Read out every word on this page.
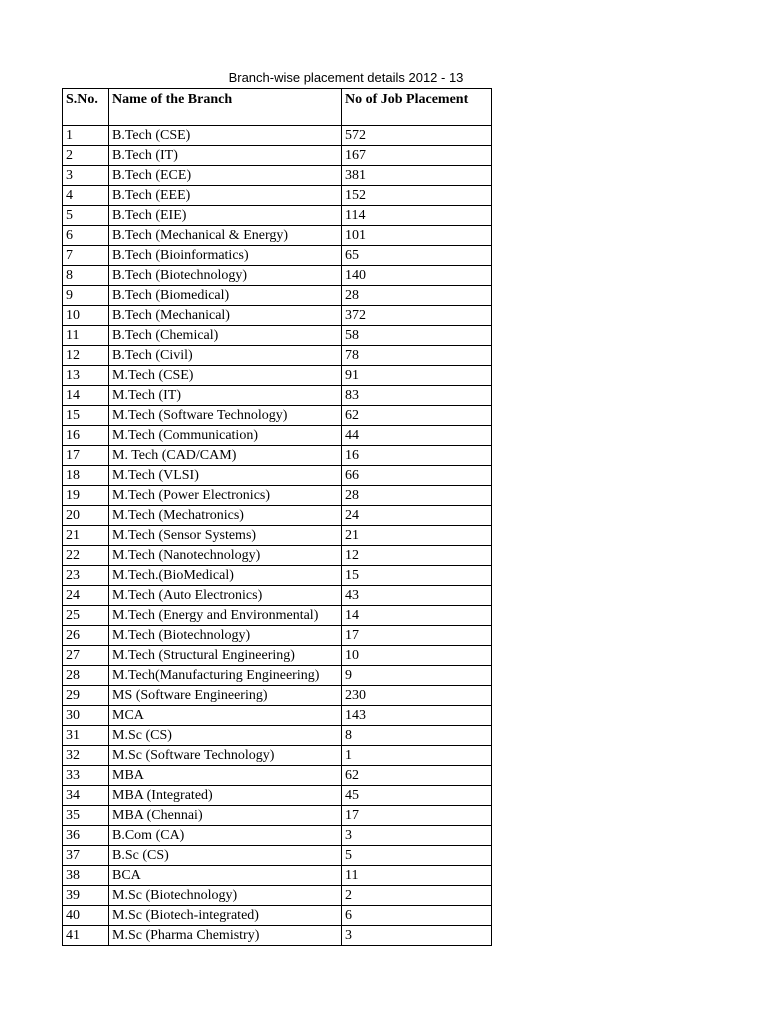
Branch-wise placement details 2012 - 13
S.No.	Name of the Branch	No of Job Placement
1	B.Tech (CSE)	572
2	B.Tech (IT)	167
3	B.Tech (ECE)	381
4	B.Tech (EEE)	152
5	B.Tech (EIE)	114
6	B.Tech (Mechanical & Energy)	101
7	B.Tech (Bioinformatics)	65
8	B.Tech (Biotechnology)	140
9	B.Tech (Biomedical)	28
10	B.Tech (Mechanical)	372
11	B.Tech (Chemical)	58
12	B.Tech (Civil)	78
13	M.Tech (CSE)	91
14	M.Tech (IT)	83
15	M.Tech (Software Technology)	62
16	M.Tech (Communication)	44
17	M. Tech (CAD/CAM)	16
18	M.Tech (VLSI)	66
19	M.Tech (Power Electronics)	28
20	M.Tech (Mechatronics)	24
21	M.Tech (Sensor Systems)	21
22	M.Tech (Nanotechnology)	12
23	M.Tech.(BioMedical)	15
24	M.Tech (Auto Electronics)	43
25	M.Tech (Energy and Environmental)	14
26	M.Tech (Biotechnology)	17
27	M.Tech (Structural Engineering)	10
28	M.Tech(Manufacturing Engineering)	9
29	MS (Software Engineering)	230
30	MCA	143
31	M.Sc (CS)	8
32	M.Sc (Software Technology)	1
33	MBA	62
34	MBA (Integrated)	45
35	MBA (Chennai)	17
36	B.Com (CA)	3
37	B.Sc (CS)	5
38	BCA	11
39	M.Sc (Biotechnology)	2
40	M.Sc (Biotech-integrated)	6
41	M.Sc (Pharma Chemistry)	3
